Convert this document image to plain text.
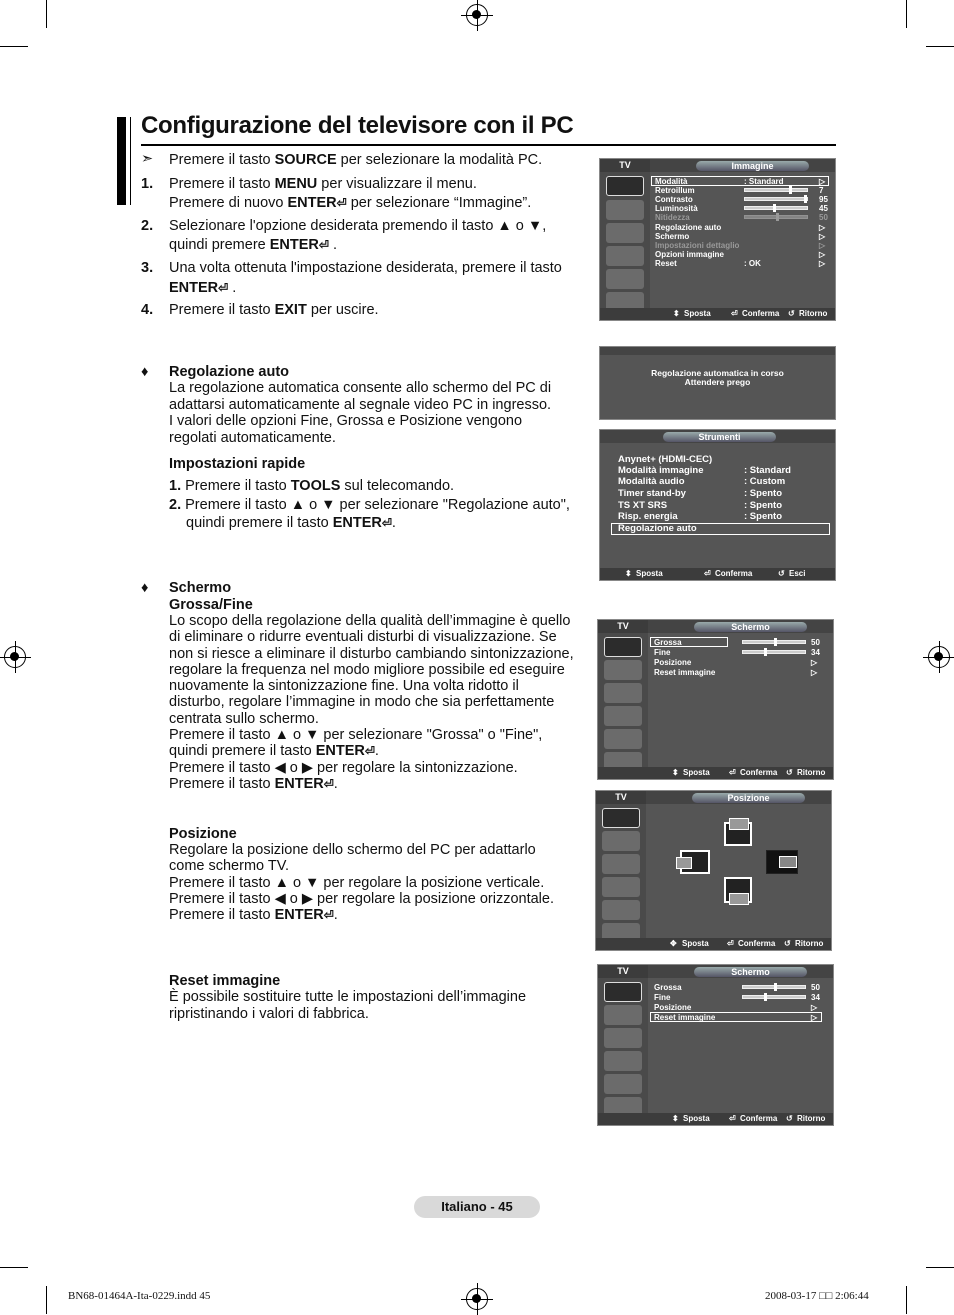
Configurazione del televisore con il PC
➣ Premere il tasto SOURCE per selezionare la modalità PC.
1. Premere il tasto MENU per visualizzare il menu.
Premere di nuovo ENTER⏎ per selezionare “Immagine”.
2. Selezionare l'opzione desiderata premendo il tasto ▲ o ▼,
quindi premere ENTER⏎ .
3. Una volta ottenuta l'impostazione desiderata, premere il tasto
ENTER⏎ .
4. Premere il tasto EXIT per uscire.
♦ Regolazione auto
La regolazione automatica consente allo schermo del PC di
adattarsi automaticamente al segnale video PC in ingresso.
I valori delle opzioni Fine, Grossa e Posizione vengono
regolati automaticamente.
Impostazioni rapide
1. Premere il tasto TOOLS sul telecomando.
2. Premere il tasto ▲ o ▼ per selezionare "Regolazione auto",
quindi premere il tasto ENTER⏎.
♦ Schermo
Grossa/Fine
Lo scopo della regolazione della qualità dell’immagine è quello
di eliminare o ridurre eventuali disturbi di visualizzazione. Se
non si riesce a eliminare il disturbo cambiando sintonizzazione,
regolare la frequenza nel modo migliore possibile ed eseguire
nuovamente la sintonizzazione fine. Una volta ridotto il
disturbo, regolare l’immagine in modo che sia perfettamente
centrata sullo schermo.
Premere il tasto ▲ o ▼ per selezionare "Grossa" o "Fine",
quindi premere il tasto ENTER⏎.
Premere il tasto ◀ o ▶ per regolare la sintonizzazione.
Premere il tasto ENTER⏎.
Posizione
Regolare la posizione dello schermo del PC per adattarlo
come schermo TV.
Premere il tasto ▲ o ▼ per regolare la posizione verticale.
Premere il tasto ◀ o ▶ per regolare la posizione orizzontale.
Premere il tasto ENTER⏎.
Reset immagine
È possibile sostituire tutte le impostazioni dell’immagine
ripristinando i valori di fabbrica.
TV	Immagine
Modalità	: Standard	▷
Retroillum	7
Contrasto	95
Luminosità	45
Nitidezza	50
Regolazione auto	▷
Schermo	▷
Impostazioni dettaglio	▷
Opzioni immagine	▷
Reset	: OK	▷
⬍ Sposta	⏎ Conferma ↺ Ritorno
Regolazione automatica in corso
Attendere prego
Strumenti
Anynet+ (HDMI-CEC)
Modalità immagine	: Standard
Modalità audio	: Custom
Timer stand-by	: Spento
TS XT SRS	: Spento
Risp. energia	: Spento
Regolazione auto
⬍ Sposta	⏎ Conferma	↺ Esci
TV	Schermo
Grossa	50
Fine	34
Posizione	▷
Reset immagine	▷
⬍ Sposta ⏎ Conferma ↺ Ritorno
TV	Posizione
✥ Sposta ⏎ Conferma ↺ Ritorno
TV	Schermo
Grossa	50
Fine	34
Posizione	▷
Reset immagine	▷
⬍ Sposta ⏎ Conferma ↺ Ritorno
Italiano - 45
BN68-01464A-Ita-0229.indd 45	2008-03-17 □□ 2:06:44
